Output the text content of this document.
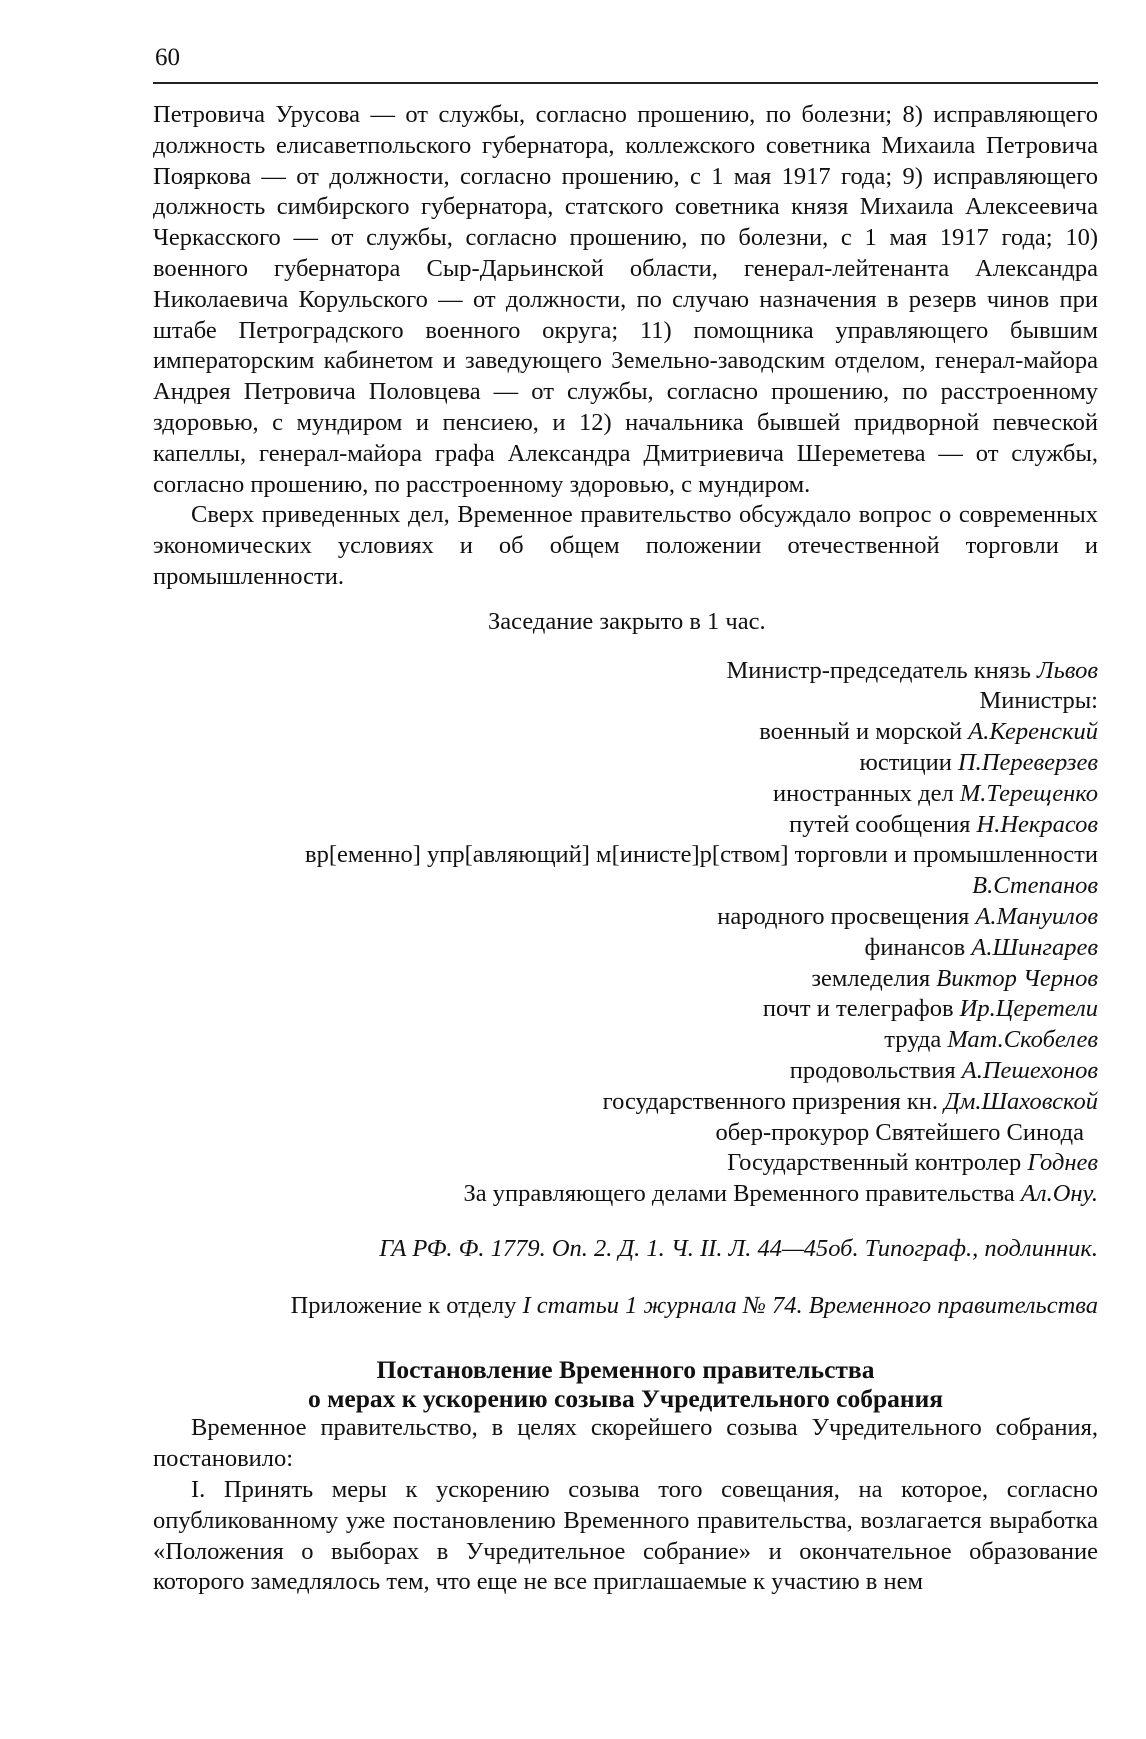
60

Петровича Урусова — от службы, согласно прошению, по болезни; 8) исправляющего должность елисаветпольского губернатора, коллежского советника Михаила Петровича Пояркова — от должности, согласно прошению, с 1 мая 1917 года; 9) исправляющего должность симбирского губернатора, статского советника князя Михаила Алексеевича Черкасского — от службы, согласно прошению, по болезни, с 1 мая 1917 года; 10) военного губернатора Сыр-Дарьинской области, генерал-лейтенанта Александра Николаевича Корульского — от должности, по случаю назначения в резерв чинов при штабе Петроградского военного округа; 11) помощника управляющего бывшим императорским кабинетом и заведующего Земельно-заводским отделом, генерал-майора Андрея Петровича Половцева — от службы, согласно прошению, по расстроенному здоровью, с мундиром и пенсиею, и 12) начальника бывшей придворной певческой капеллы, генерал-майора графа Александра Дмитриевича Шереметева — от службы, согласно прошению, по расстроенному здоровью, с мундиром.

Сверх приведенных дел, Временное правительство обсуждало вопрос о современных экономических условиях и об общем положении отечественной торговли и промышленности.

Заседание закрыто в 1 час.

Министр-председатель князь Львов
Министры:
военный и морской А.Керенский
юстиции П.Переверзев
иностранных дел М.Терещенко
путей сообщения Н.Некрасов
вр[еменно] упр[авляющий] м[инисте]р[ством] торговли и промышленности
В.Степанов
народного просвещения А.Мануилов
финансов А.Шингарев
земледелия Виктор Чернов
почт и телеграфов Ир.Церетели
труда Мат.Скобелев
продовольствия А.Пешехонов
государственного призрения кн. Дм.Шаховской
обер-прокурор Святейшего Синода
Государственный контролер Годнев
За управляющего делами Временного правительства Ал.Ону.

ГА РФ. Ф. 1779. Оп. 2. Д. 1. Ч. II. Л. 44—45об. Типограф., подлинник.

Приложение к отделу I статьи 1 журнала № 74. Временного правительства

Постановление Временного правительства
о мерах к ускорению созыва Учредительного собрания

Временное правительство, в целях скорейшего созыва Учредительного собрания, постановило:

I. Принять меры к ускорению созыва того совещания, на которое, согласно опубликованному уже постановлению Временного правительства, возлагается выработка «Положения о выборах в Учредительное собрание» и окончательное образование которого замедлялось тем, что еще не все приглашаемые к участию в нем
